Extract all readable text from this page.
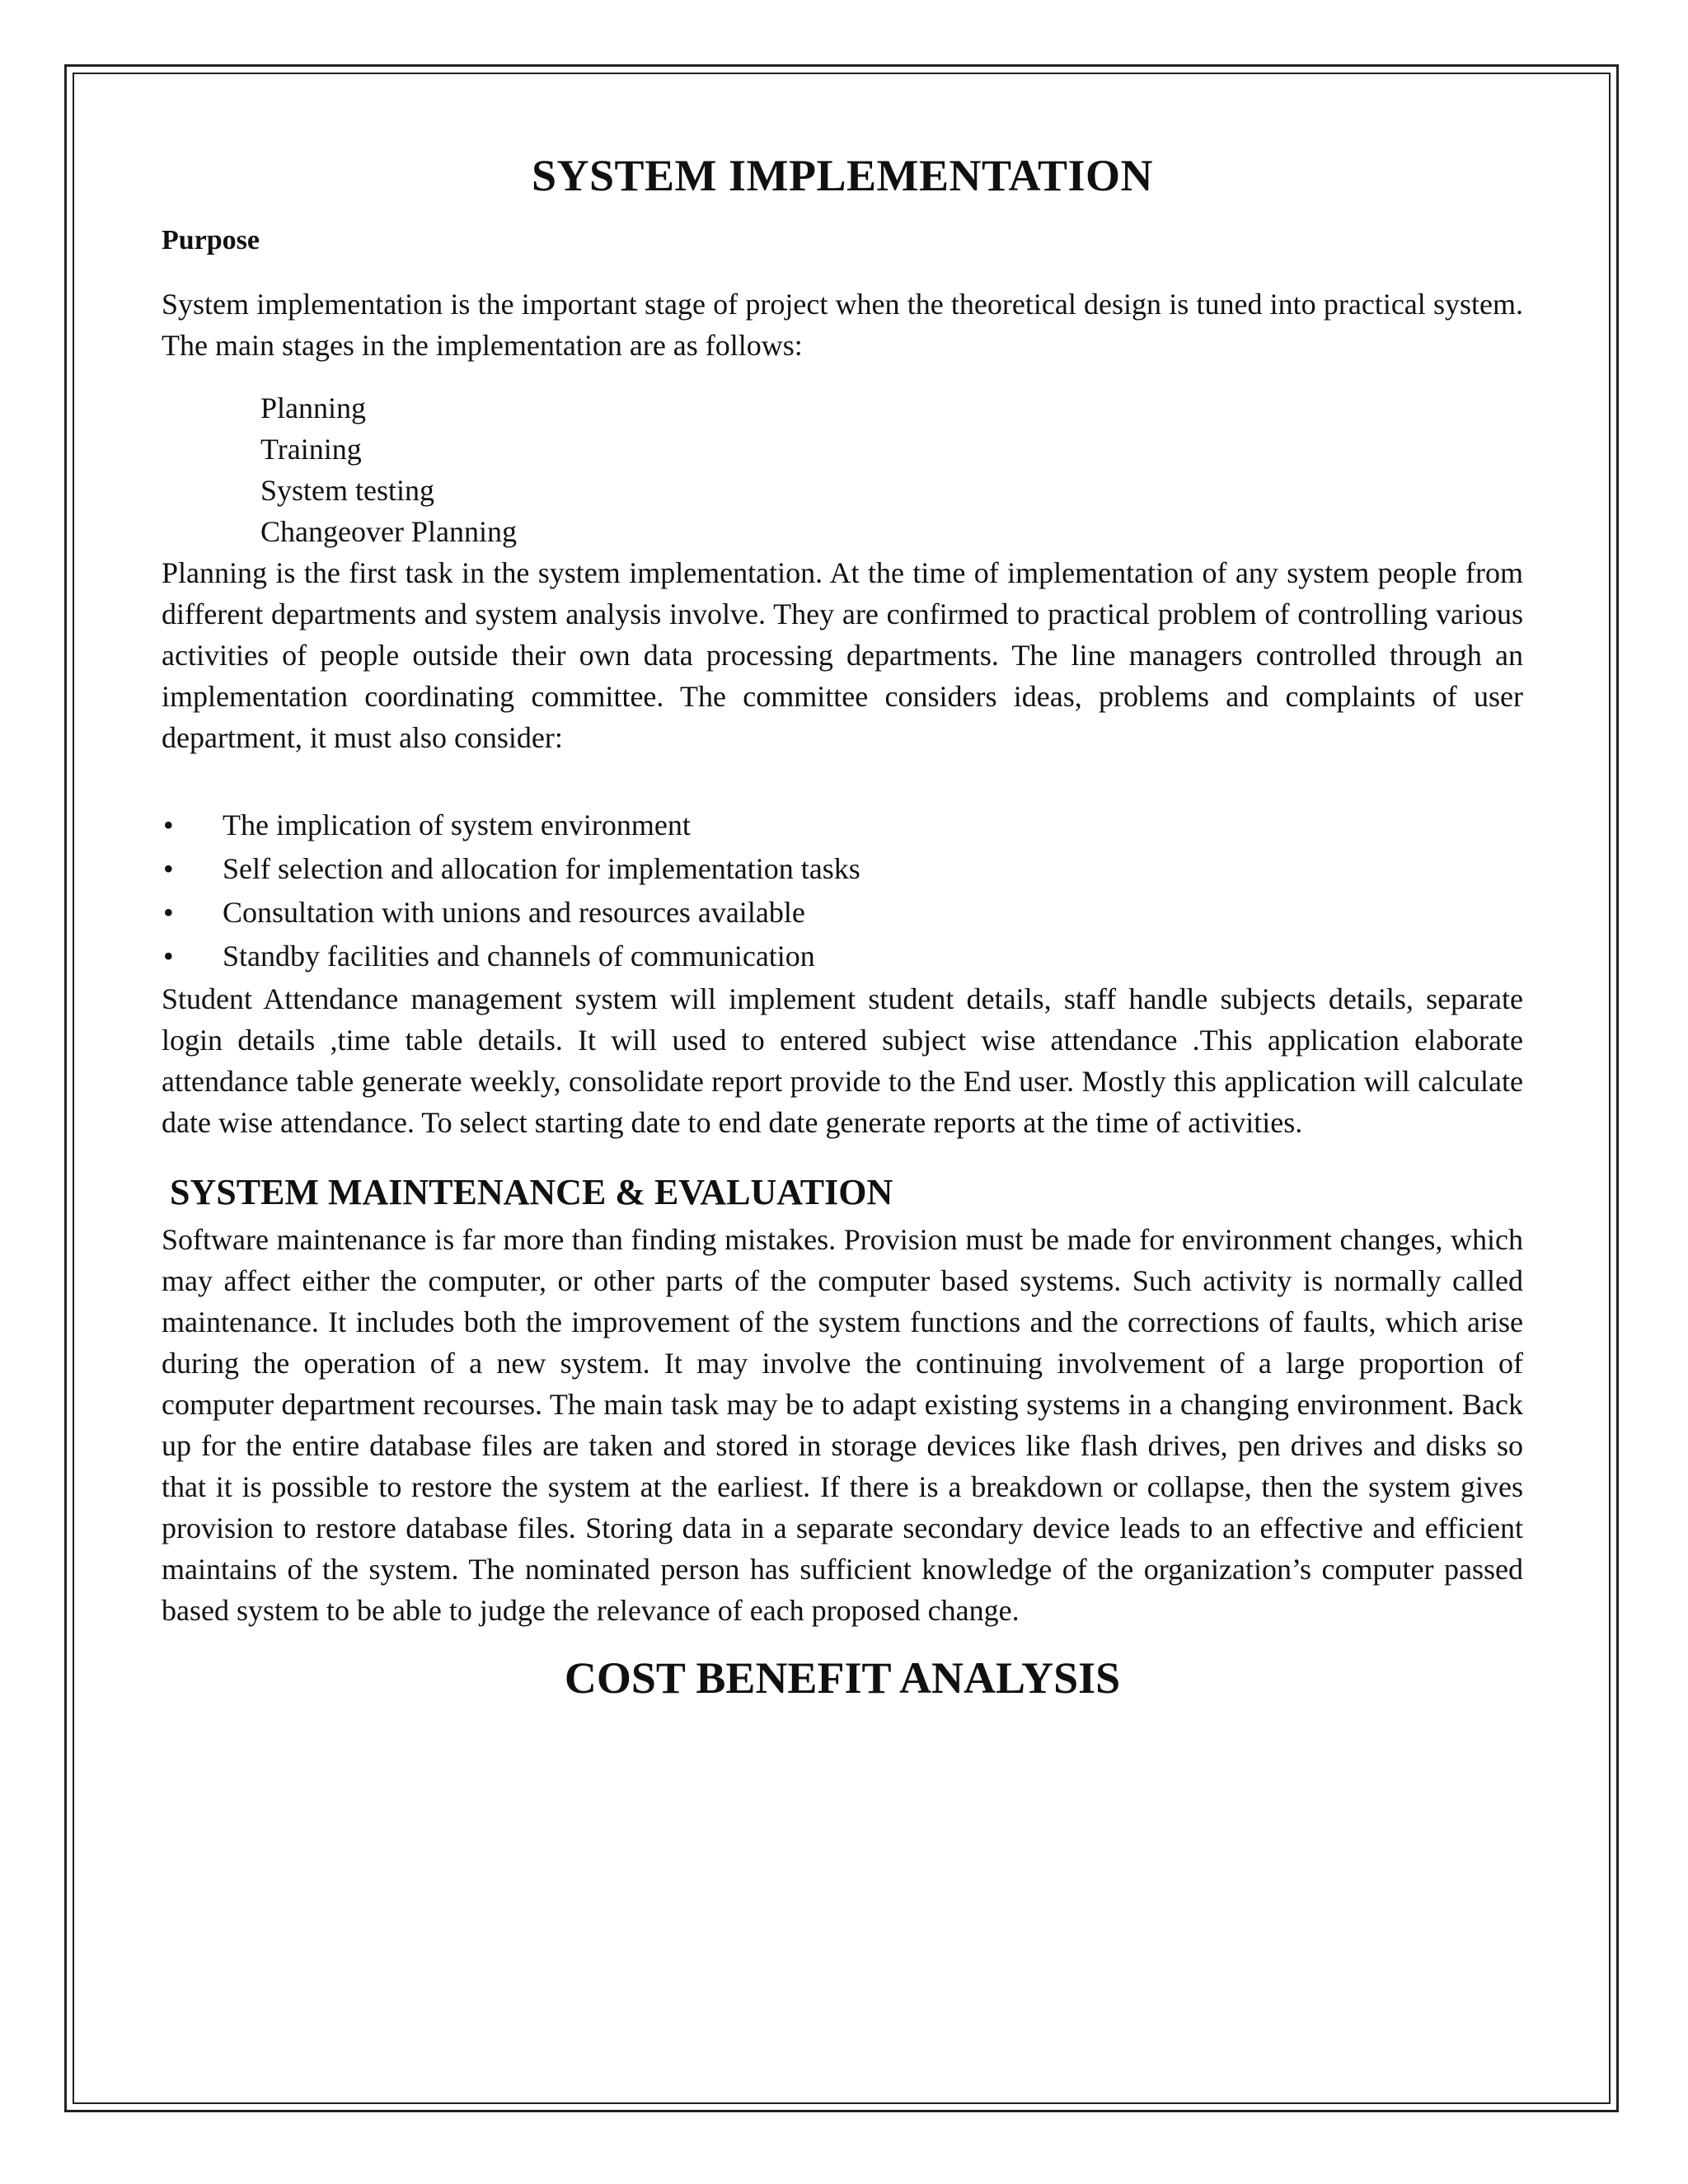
SYSTEM IMPLEMENTATION
Purpose

System implementation is the important stage of project when the theoretical design is tuned into practical system. The main stages in the implementation are as follows:

Planning
Training
System testing
Changeover Planning

Planning is the first task in the system implementation. At the time of implementation of any system people from different departments and system analysis involve. They are confirmed to practical problem of controlling various activities of people outside their own data processing departments. The line managers controlled through an implementation coordinating committee. The committee considers ideas, problems and complaints of user department, it must also consider:

• The implication of system environment
• Self selection and allocation for implementation tasks
• Consultation with unions and resources available
• Standby facilities and channels of communication

Student Attendance management system will implement student details, staff handle subjects details, separate login details ,time table details. It will used to entered subject wise attendance .This application elaborate attendance table generate weekly, consolidate report provide to the End user. Mostly this application will calculate date wise attendance. To select starting date to end date generate reports at the time of activities.

SYSTEM MAINTENANCE & EVALUATION

Software maintenance is far more than finding mistakes. Provision must be made for environment changes, which may affect either the computer, or other parts of the computer based systems. Such activity is normally called maintenance. It includes both the improvement of the system functions and the corrections of faults, which arise during the operation of a new system. It may involve the continuing involvement of a large proportion of computer department recourses. The main task may be to adapt existing systems in a changing environment. Back up for the entire database files are taken and stored in storage devices like flash drives, pen drives and disks so that it is possible to restore the system at the earliest. If there is a breakdown or collapse, then the system gives provision to restore database files. Storing data in a separate secondary device leads to an effective and efficient maintains of the system. The nominated person has sufficient knowledge of the organization’s computer passed based system to be able to judge the relevance of each proposed change.

COST BENEFIT ANALYSIS
